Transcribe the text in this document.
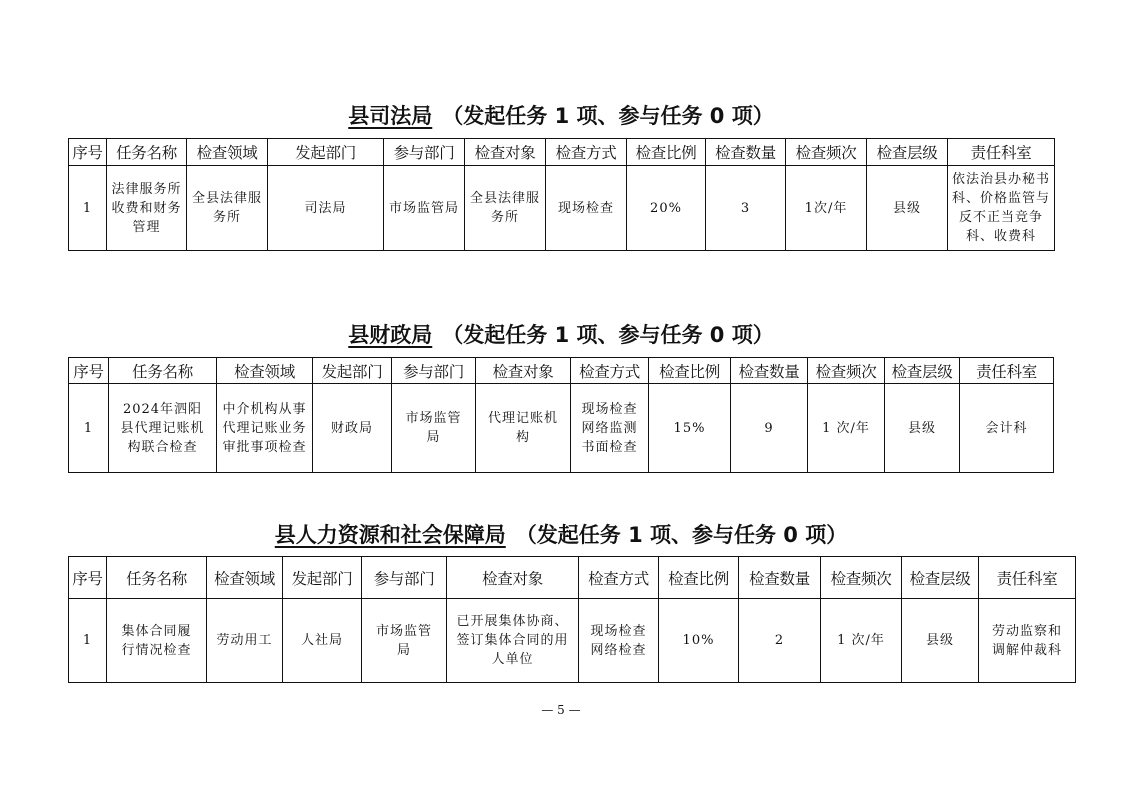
县司法局 （发起任务 1 项、参与任务 0 项）
序号	任务名称	检查领域	发起部门	参与部门	检查对象	检查方式	检查比例	检查数量	检查频次	检查层级	责任科室
1	法律服务所收费和财务管理	全县法律服务所	司法局	市场监管局	全县法律服务所	现场检查	20%	3	1次/年	县级	依法治县办秘书科、价格监管与反不正当竞争科、收费科
县财政局 （发起任务 1 项、参与任务 0 项）
序号	任务名称	检查领域	发起部门	参与部门	检查对象	检查方式	检查比例	检查数量	检查频次	检查层级	责任科室
1	2024年泗阳县代理记账机构联合检查	中介机构从事代理记账业务审批事项检查	财政局	市场监管局	代理记账机构	现场检查网络监测书面检查	15%	9	1 次/年	县级	会计科
县人力资源和社会保障局 （发起任务 1 项、参与任务 0 项）
序号	任务名称	检查领域	发起部门	参与部门	检查对象	检查方式	检查比例	检查数量	检查频次	检查层级	责任科室
1	集体合同履行情况检查	劳动用工	人社局	市场监管局	已开展集体协商、签订集体合同的用人单位	现场检查网络检查	10%	2	1 次/年	县级	劳动监察和调解仲裁科
— 5 —
